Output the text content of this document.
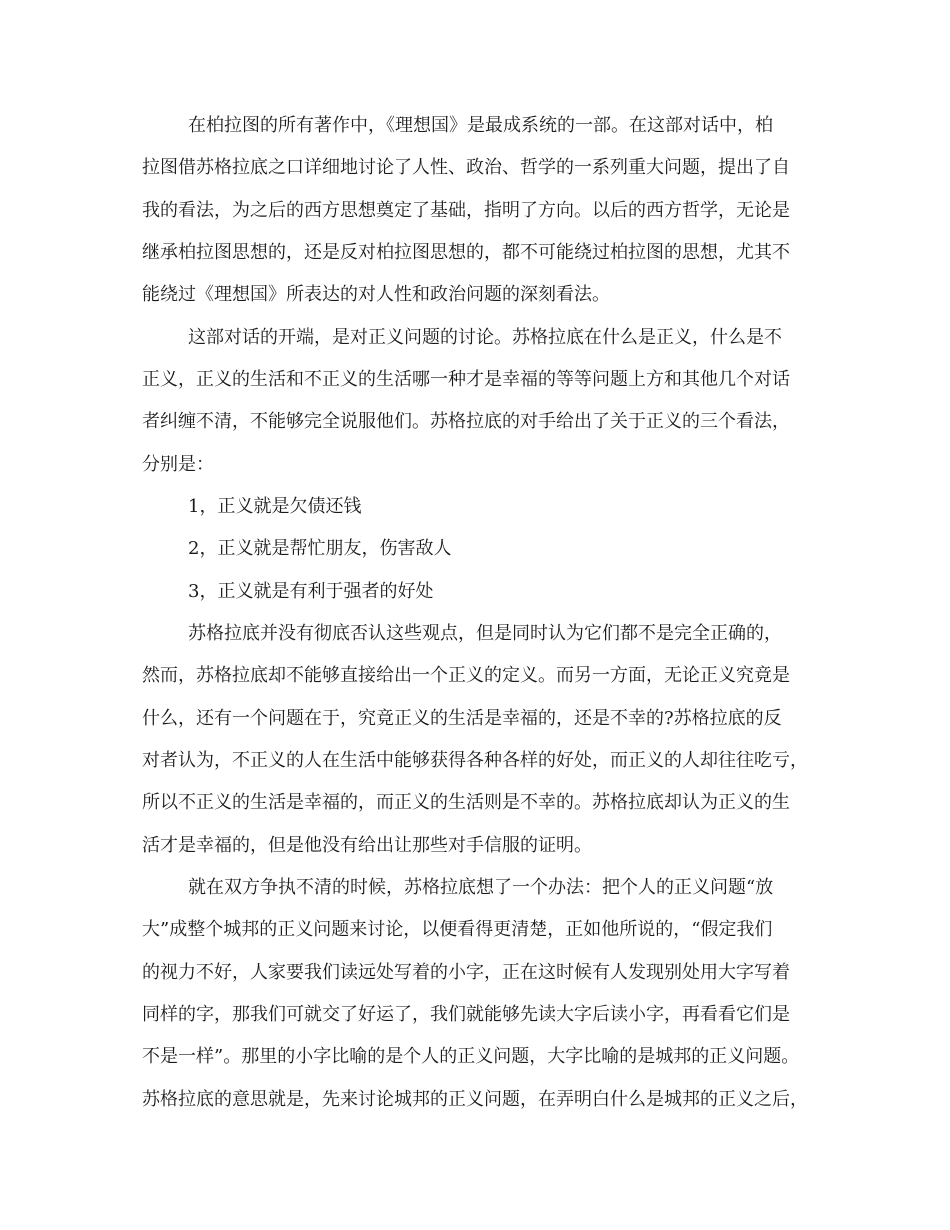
在柏拉图的所有著作中，《理想国》是最成系统的一部。在这部对话中，柏
拉图借苏格拉底之口详细地讨论了人性、政治、哲学的一系列重大问题，提出了自
我的看法，为之后的西方思想奠定了基础，指明了方向。以后的西方哲学，无论是
继承柏拉图思想的，还是反对柏拉图思想的，都不可能绕过柏拉图的思想，尤其不
能绕过《理想国》所表达的对人性和政治问题的深刻看法。
这部对话的开端，是对正义问题的讨论。苏格拉底在什么是正义，什么是不
正义，正义的生活和不正义的生活哪一种才是幸福的等等问题上方和其他几个对话
者纠缠不清，不能够完全说服他们。苏格拉底的对手给出了关于正义的三个看法，
分别是：
1，正义就是欠债还钱
2，正义就是帮忙朋友，伤害敌人
3，正义就是有利于强者的好处
苏格拉底并没有彻底否认这些观点，但是同时认为它们都不是完全正确的，
然而，苏格拉底却不能够直接给出一个正义的定义。而另一方面，无论正义究竟是
什么，还有一个问题在于，究竟正义的生活是幸福的，还是不幸的?苏格拉底的反
对者认为，不正义的人在生活中能够获得各种各样的好处，而正义的人却往往吃亏，
所以不正义的生活是幸福的，而正义的生活则是不幸的。苏格拉底却认为正义的生
活才是幸福的，但是他没有给出让那些对手信服的证明。
就在双方争执不清的时候，苏格拉底想了一个办法：把个人的正义问题“放
大”成整个城邦的正义问题来讨论，以便看得更清楚，正如他所说的，“假定我们
的视力不好，人家要我们读远处写着的小字，正在这时候有人发现别处用大字写着
同样的字，那我们可就交了好运了，我们就能够先读大字后读小字，再看看它们是
不是一样”。那里的小字比喻的是个人的正义问题，大字比喻的是城邦的正义问题。
苏格拉底的意思就是，先来讨论城邦的正义问题，在弄明白什么是城邦的正义之后，
